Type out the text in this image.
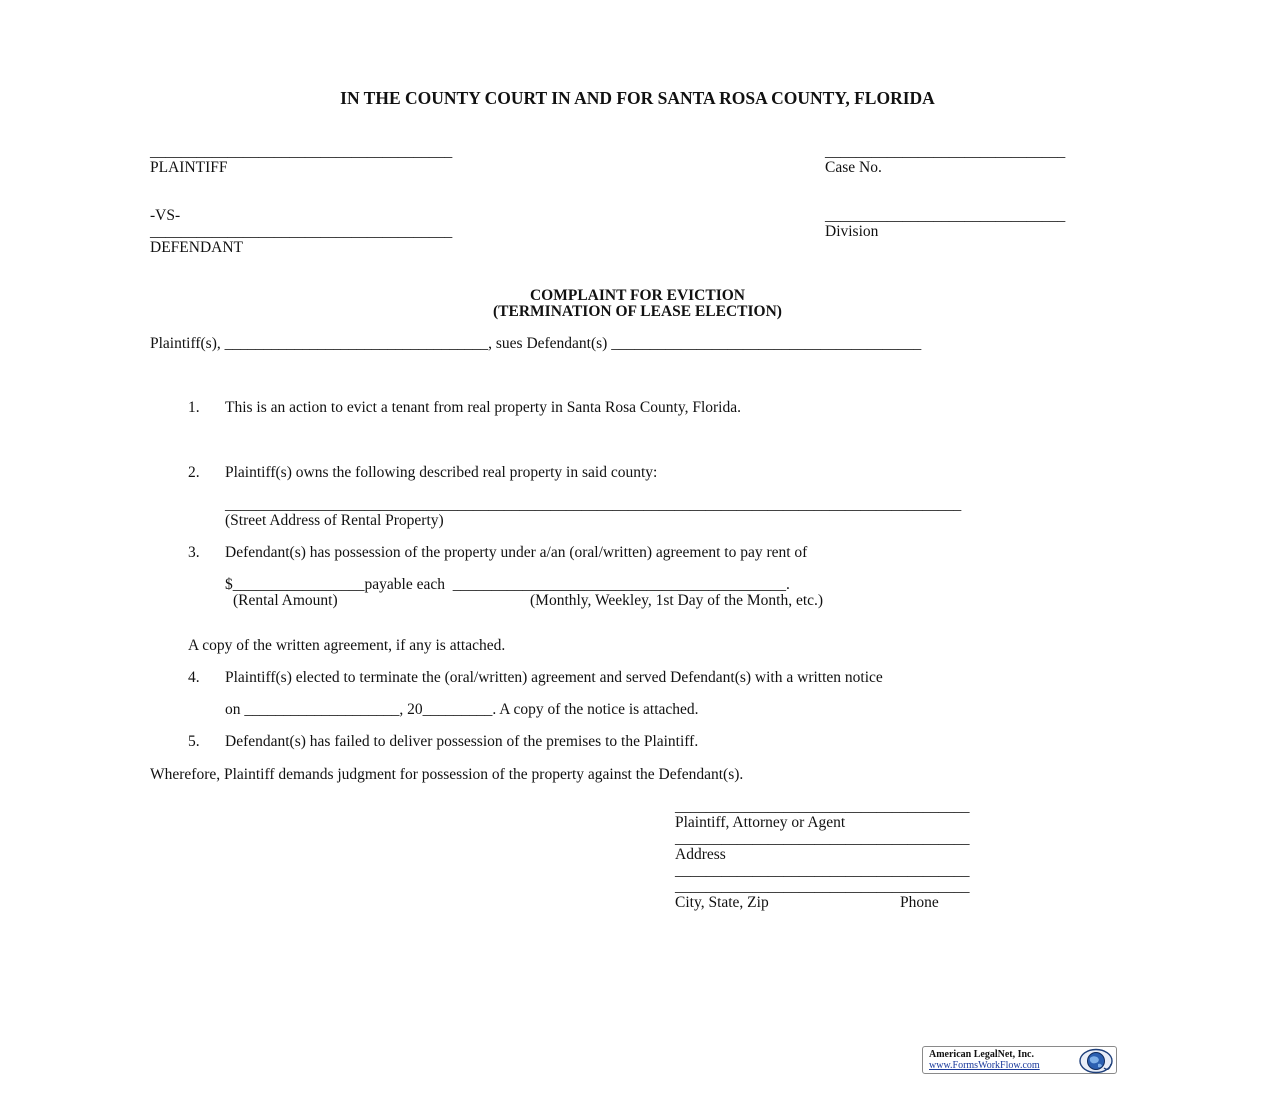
IN THE COUNTY COURT IN AND FOR SANTA ROSA COUNTY, FLORIDA
_______________________________________
PLAINTIFF
-VS-
_______________________________________
DEFENDANT
_______________________________
Case No.
_______________________________
Division
COMPLAINT FOR EVICTION
(TERMINATION OF LEASE ELECTION)
Plaintiff(s), __________________________________, sues Defendant(s) ________________________________________
1. This is an action to evict a tenant from real property in Santa Rosa County, Florida.
2. Plaintiff(s) owns the following described real property in said county:
_______________________________________________________________________________________________
(Street Address of Rental Property)
3. Defendant(s) has possession of the property under a/an (oral/written) agreement to pay rent of
$_________________payable each  ___________________________________________.
(Rental Amount)	(Monthly, Weekley, 1st Day of the Month, etc.)
A copy of the written agreement, if any is attached.
4. Plaintiff(s) elected to terminate the (oral/written) agreement and served Defendant(s) with a written notice
on ____________________, 20_________. A copy of the notice is attached.
5. Defendant(s) has failed to deliver possession of the premises to the Plaintiff.
Wherefore, Plaintiff demands judgment for possession of the property against the Defendant(s).
______________________________________
Plaintiff, Attorney or Agent
______________________________________
Address
______________________________________
______________________________________
City, State, Zip	Phone
American LegalNet, Inc.
www.FormsWorkFlow.com
